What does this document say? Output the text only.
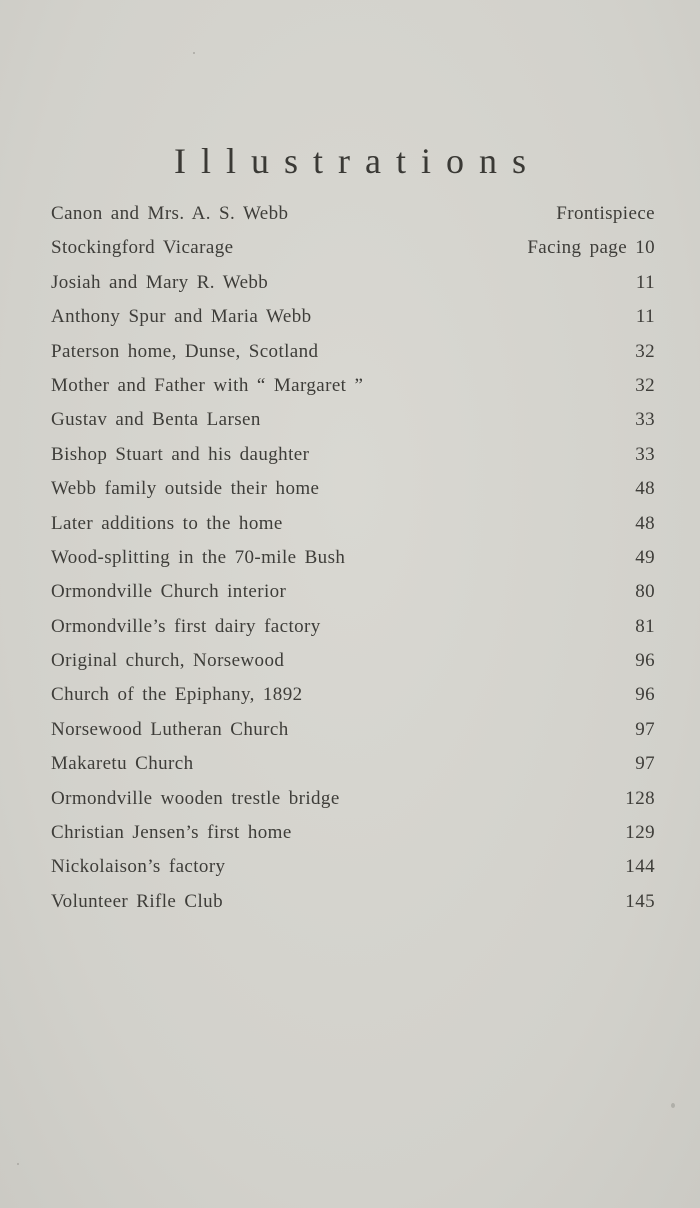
Illustrations
Canon and Mrs. A. S. Webb	Frontispiece
Stockingford Vicarage	Facing page 10
Josiah and Mary R. Webb	11
Anthony Spur and Maria Webb	11
Paterson home, Dunse, Scotland	32
Mother and Father with “ Margaret ”	32
Gustav and Benta Larsen	33
Bishop Stuart and his daughter	33
Webb family outside their home	48
Later additions to the home	48
Wood-splitting in the 70-mile Bush	49
Ormondville Church interior	80
Ormondville’s first dairy factory	81
Original church, Norsewood	96
Church of the Epiphany, 1892	96
Norsewood Lutheran Church	97
Makaretu Church	97
Ormondville wooden trestle bridge	128
Christian Jensen’s first home	129
Nickolaison’s factory	144
Volunteer Rifle Club	145
